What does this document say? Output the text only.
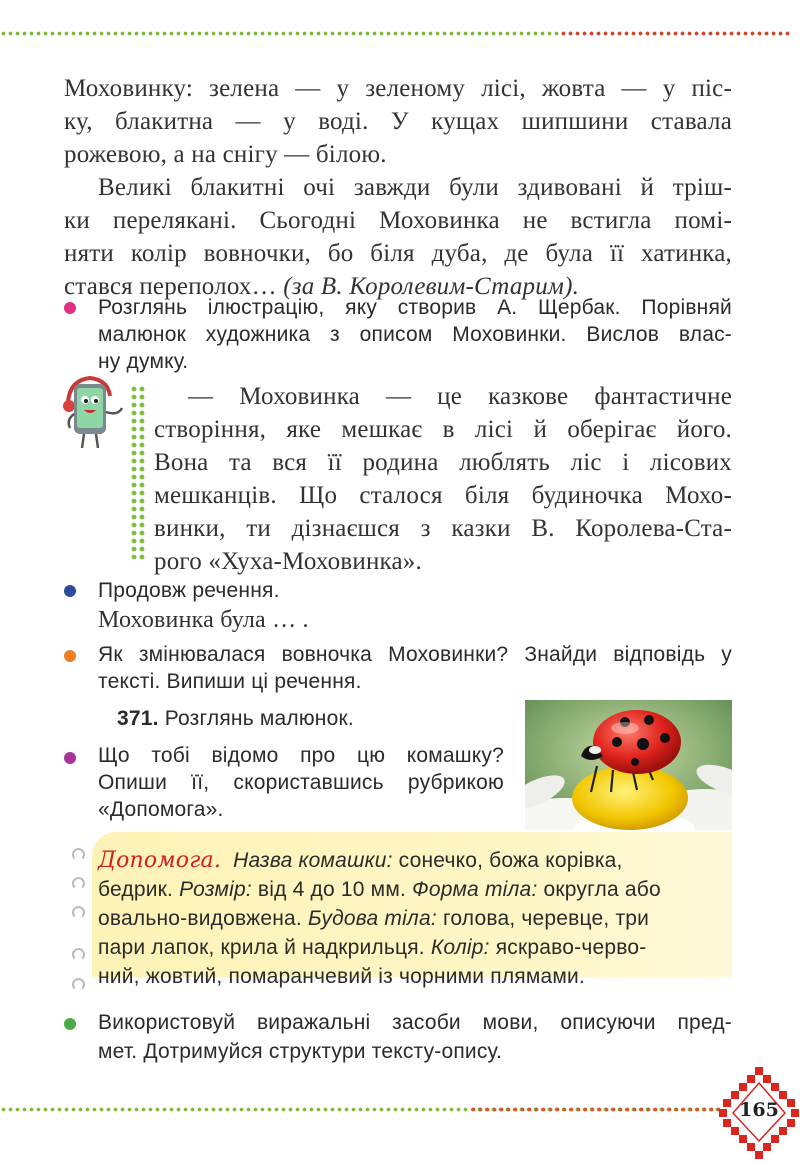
Моховинку: зелена — у зеленому лісі, жовта — у піс-
ку, блакитна — у воді. У кущах шипшини ставала
рожевою, а на снігу — білою.
Великі блакитні очі завжди були здивовані й тріш-
ки перелякані. Сьогодні Моховинка не встигла помі-
няти колір вовночки, бо біля дуба, де була її хатинка,
стався переполох… (за В. Королевим-Старим).
Розглянь ілюстрацію, яку створив А. Щербак. Порівняй
малюнок художника з описом Моховинки. Вислов влас-
ну думку.
— Моховинка — це казкове фантастичне
створіння, яке мешкає в лісі й оберігає його.
Вона та вся її родина люблять ліс і лісових
мешканців. Що сталося біля будиночка Мохо-
винки, ти дізнаєшся з казки В. Королева-Ста-
рого «Хуха-Моховинка».
Продовж речення.
Моховинка була … .
Як змінювалася вовночка Моховинки? Знайди відповідь у
тексті. Випиши ці речення.
371. Розглянь малюнок.
Що тобі відомо про цю комашку?
Опиши її, скориставшись рубрикою
«Допомога».
Допомога. Назва комашки: сонечко, божа корівка,
бедрик. Розмір: від 4 до 10 мм. Форма тіла: округла або
овально-видовжена. Будова тіла: голова, черевце, три
пари лапок, крила й надкрильця. Колір: яскраво-черво-
ний, жовтий, помаранчевий із чорними плямами.
Використовуй виражальні засоби мови, описуючи пред-
мет. Дотримуйся структури тексту-опису.
165
